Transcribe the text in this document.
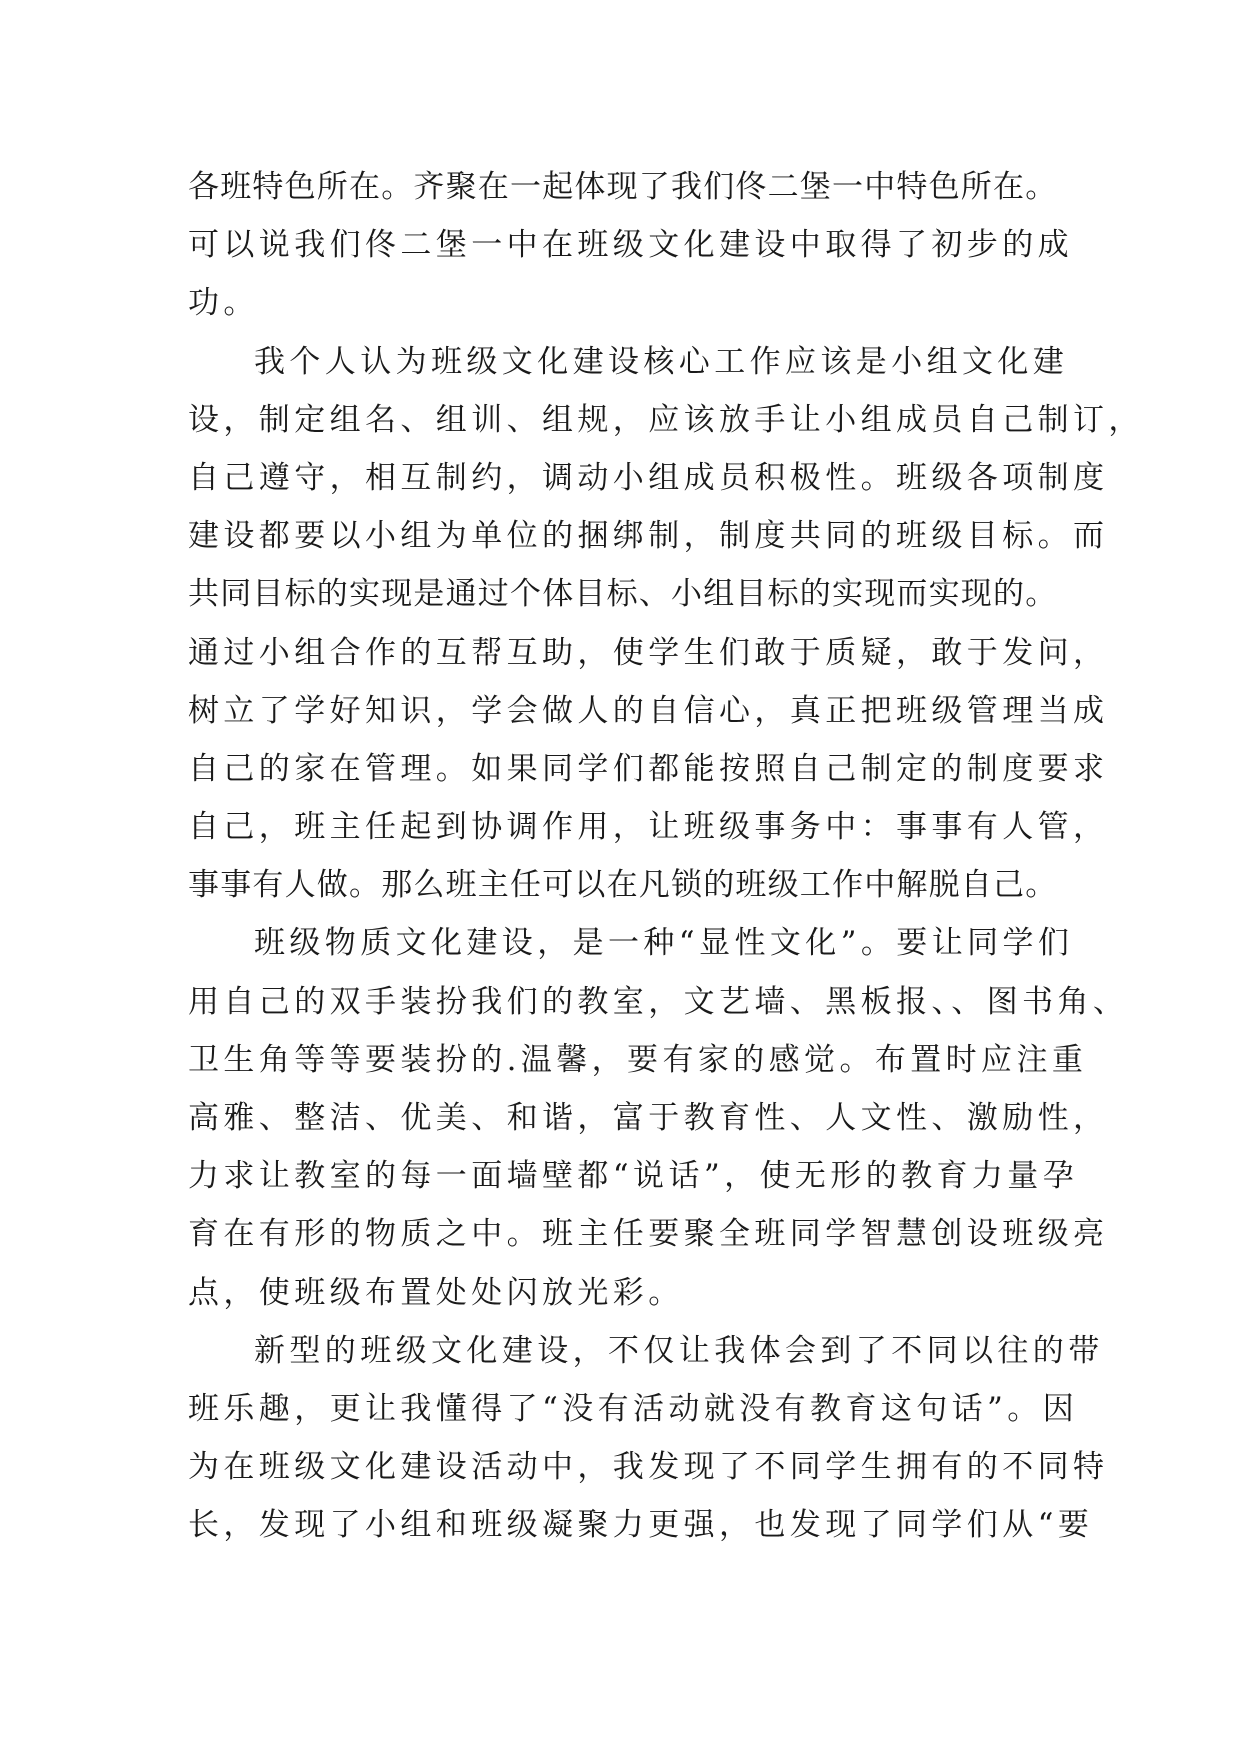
各班特色所在。齐聚在一起体现了我们佟二堡一中特色所在。
可以说我们佟二堡一中在班级文化建设中取得了初步的成
功。
我个人认为班级文化建设核心工作应该是小组文化建
设，制定组名、组训、组规，应该放手让小组成员自己制订，
自己遵守，相互制约，调动小组成员积极性。班级各项制度
建设都要以小组为单位的捆绑制，制度共同的班级目标。而
共同目标的实现是通过个体目标、小组目标的实现而实现的。
通过小组合作的互帮互助，使学生们敢于质疑，敢于发问，
树立了学好知识，学会做人的自信心，真正把班级管理当成
自己的家在管理。如果同学们都能按照自己制定的制度要求
自己，班主任起到协调作用，让班级事务中：事事有人管，
事事有人做。那么班主任可以在凡锁的班级工作中解脱自己。
班级物质文化建设，是一种“显性文化”。要让同学们
用自己的双手装扮我们的教室，文艺墙、黑板报、、图书角、
卫生角等等要装扮的.温馨，要有家的感觉。布置时应注重
高雅、整洁、优美、和谐，富于教育性、人文性、激励性，
力求让教室的每一面墙壁都“说话”，使无形的教育力量孕
育在有形的物质之中。班主任要聚全班同学智慧创设班级亮
点，使班级布置处处闪放光彩。
新型的班级文化建设，不仅让我体会到了不同以往的带
班乐趣，更让我懂得了“没有活动就没有教育这句话”。因
为在班级文化建设活动中，我发现了不同学生拥有的不同特
长，发现了小组和班级凝聚力更强，也发现了同学们从“要
